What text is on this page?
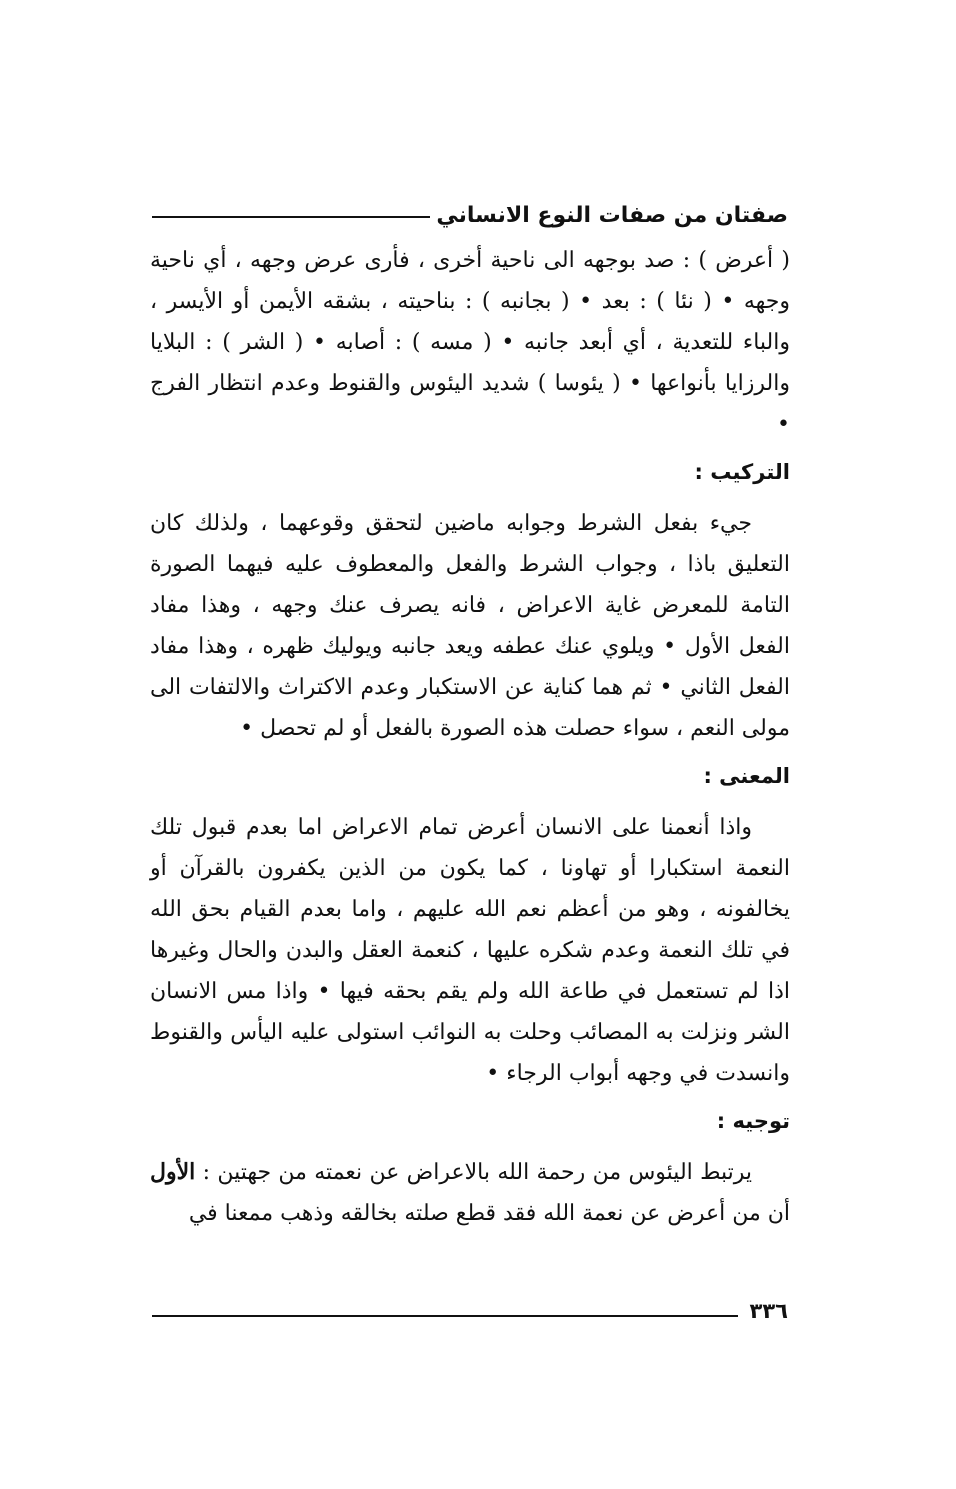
صفتان من صفات النوع الانساني

( أعرض ) : صد بوجهه الى ناحية أخرى ، فأرى عرض وجهه ، أي ناحية وجهه • ( نئا ) : بعد • ( بجانبه ) : بناحيته ، بشقه الأيمن أو الأيسر ، والباء للتعدية ، أي أبعد جانبه • ( مسه ) : أصابه • ( الشر ) : البلايا والرزايا بأنواعها • ( يئوسا ) شديد اليئوس والقنوط وعدم انتظار الفرج •

التركيب :

جيء بفعل الشرط وجوابه ماضين لتحقق وقوعهما ، ولذلك كان التعليق باذا ، وجواب الشرط والفعل والمعطوف عليه فيهما الصورة التامة للمعرض غاية الاعراض ، فانه يصرف عنك وجهه ، وهذا مفاد الفعل الأول • ويلوي عنك عطفه ويعد جانبه ويوليك ظهره ، وهذا مفاد الفعل الثاني • ثم هما كناية عن الاستكبار وعدم الاكتراث والالتفات الى مولى النعم ، سواء حصلت هذه الصورة بالفعل أو لم تحصل •

المعنى :

واذا أنعمنا على الانسان أعرض تمام الاعراض اما بعدم قبول تلك النعمة استكبارا أو تهاونا ، كما يكون من الذين يكفرون بالقرآن أو يخالفونه ، وهو من أعظم نعم الله عليهم ، واما بعدم القيام بحق الله في تلك النعمة وعدم شكره عليها ، كنعمة العقل والبدن والحال وغيرها اذا لم تستعمل في طاعة الله ولم يقم بحقه فيها • واذا مس الانسان الشر ونزلت به المصائب وحلت به النوائب استولى عليه اليأس والقنوط وانسدت في وجهه أبواب الرجاء •

توجيه :

يرتبط اليئوس من رحمة الله بالاعراض عن نعمته من جهتين : الأول أن من أعرض عن نعمة الله فقد قطع صلته بخالقه وذهب ممعنا في

٣٣٦
